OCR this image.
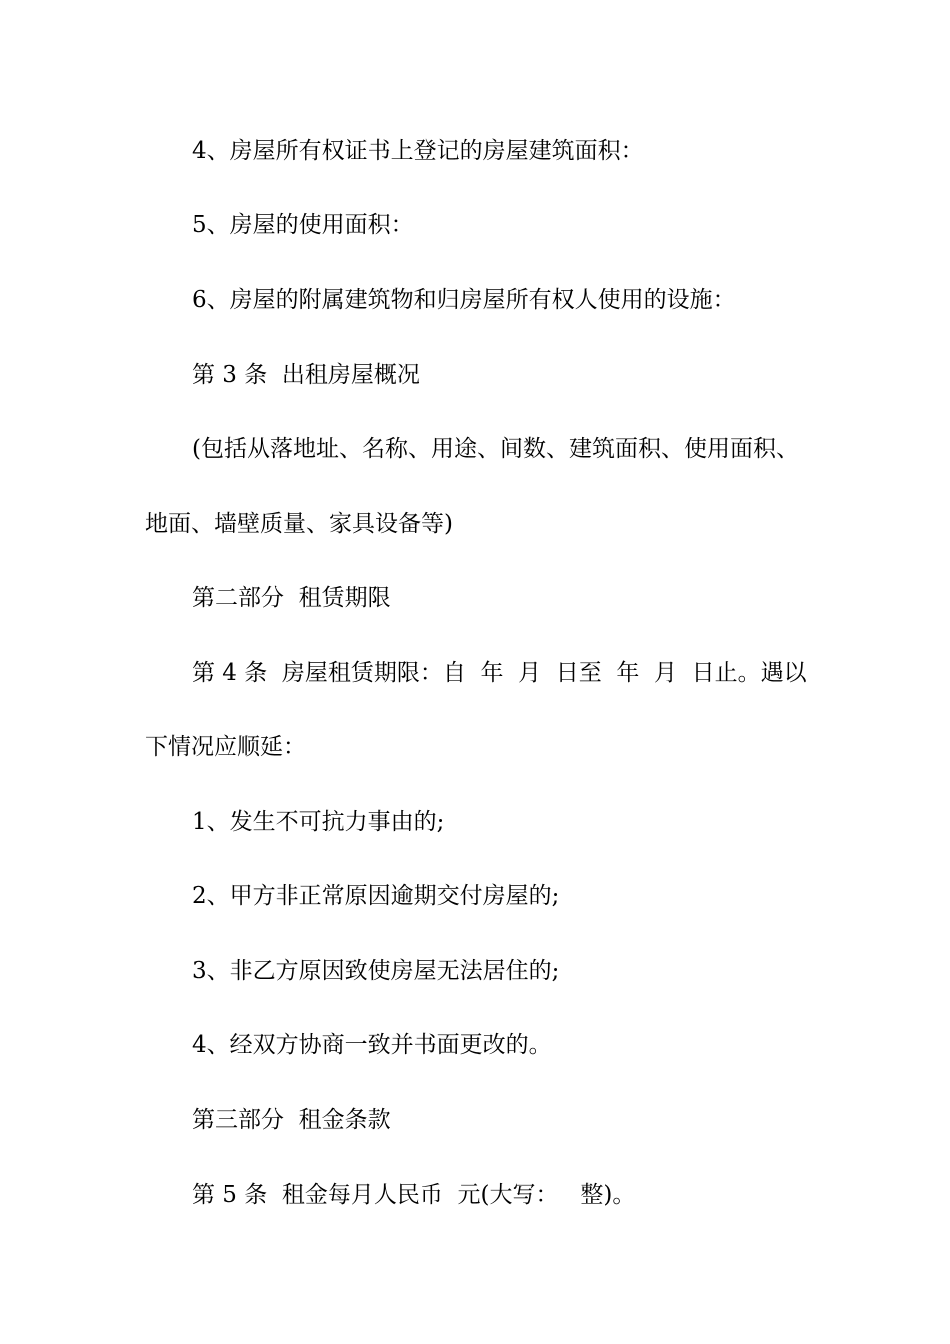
4、房屋所有权证书上登记的房屋建筑面积：

5、房屋的使用面积：

6、房屋的附属建筑物和归房屋所有权人使用的设施：

第 3 条  出租房屋概况

(包括从落地址、名称、用途、间数、建筑面积、使用面积、

地面、墙壁质量、家具设备等)

第二部分  租赁期限

第 4 条  房屋租赁期限：自  年  月  日至  年  月  日止。遇以

下情况应顺延：

1、发生不可抗力事由的;

2、甲方非正常原因逾期交付房屋的;

3、非乙方原因致使房屋无法居住的;

4、经双方协商一致并书面更改的。

第三部分  租金条款

第 5 条  租金每月人民币  元(大写：   整)。
